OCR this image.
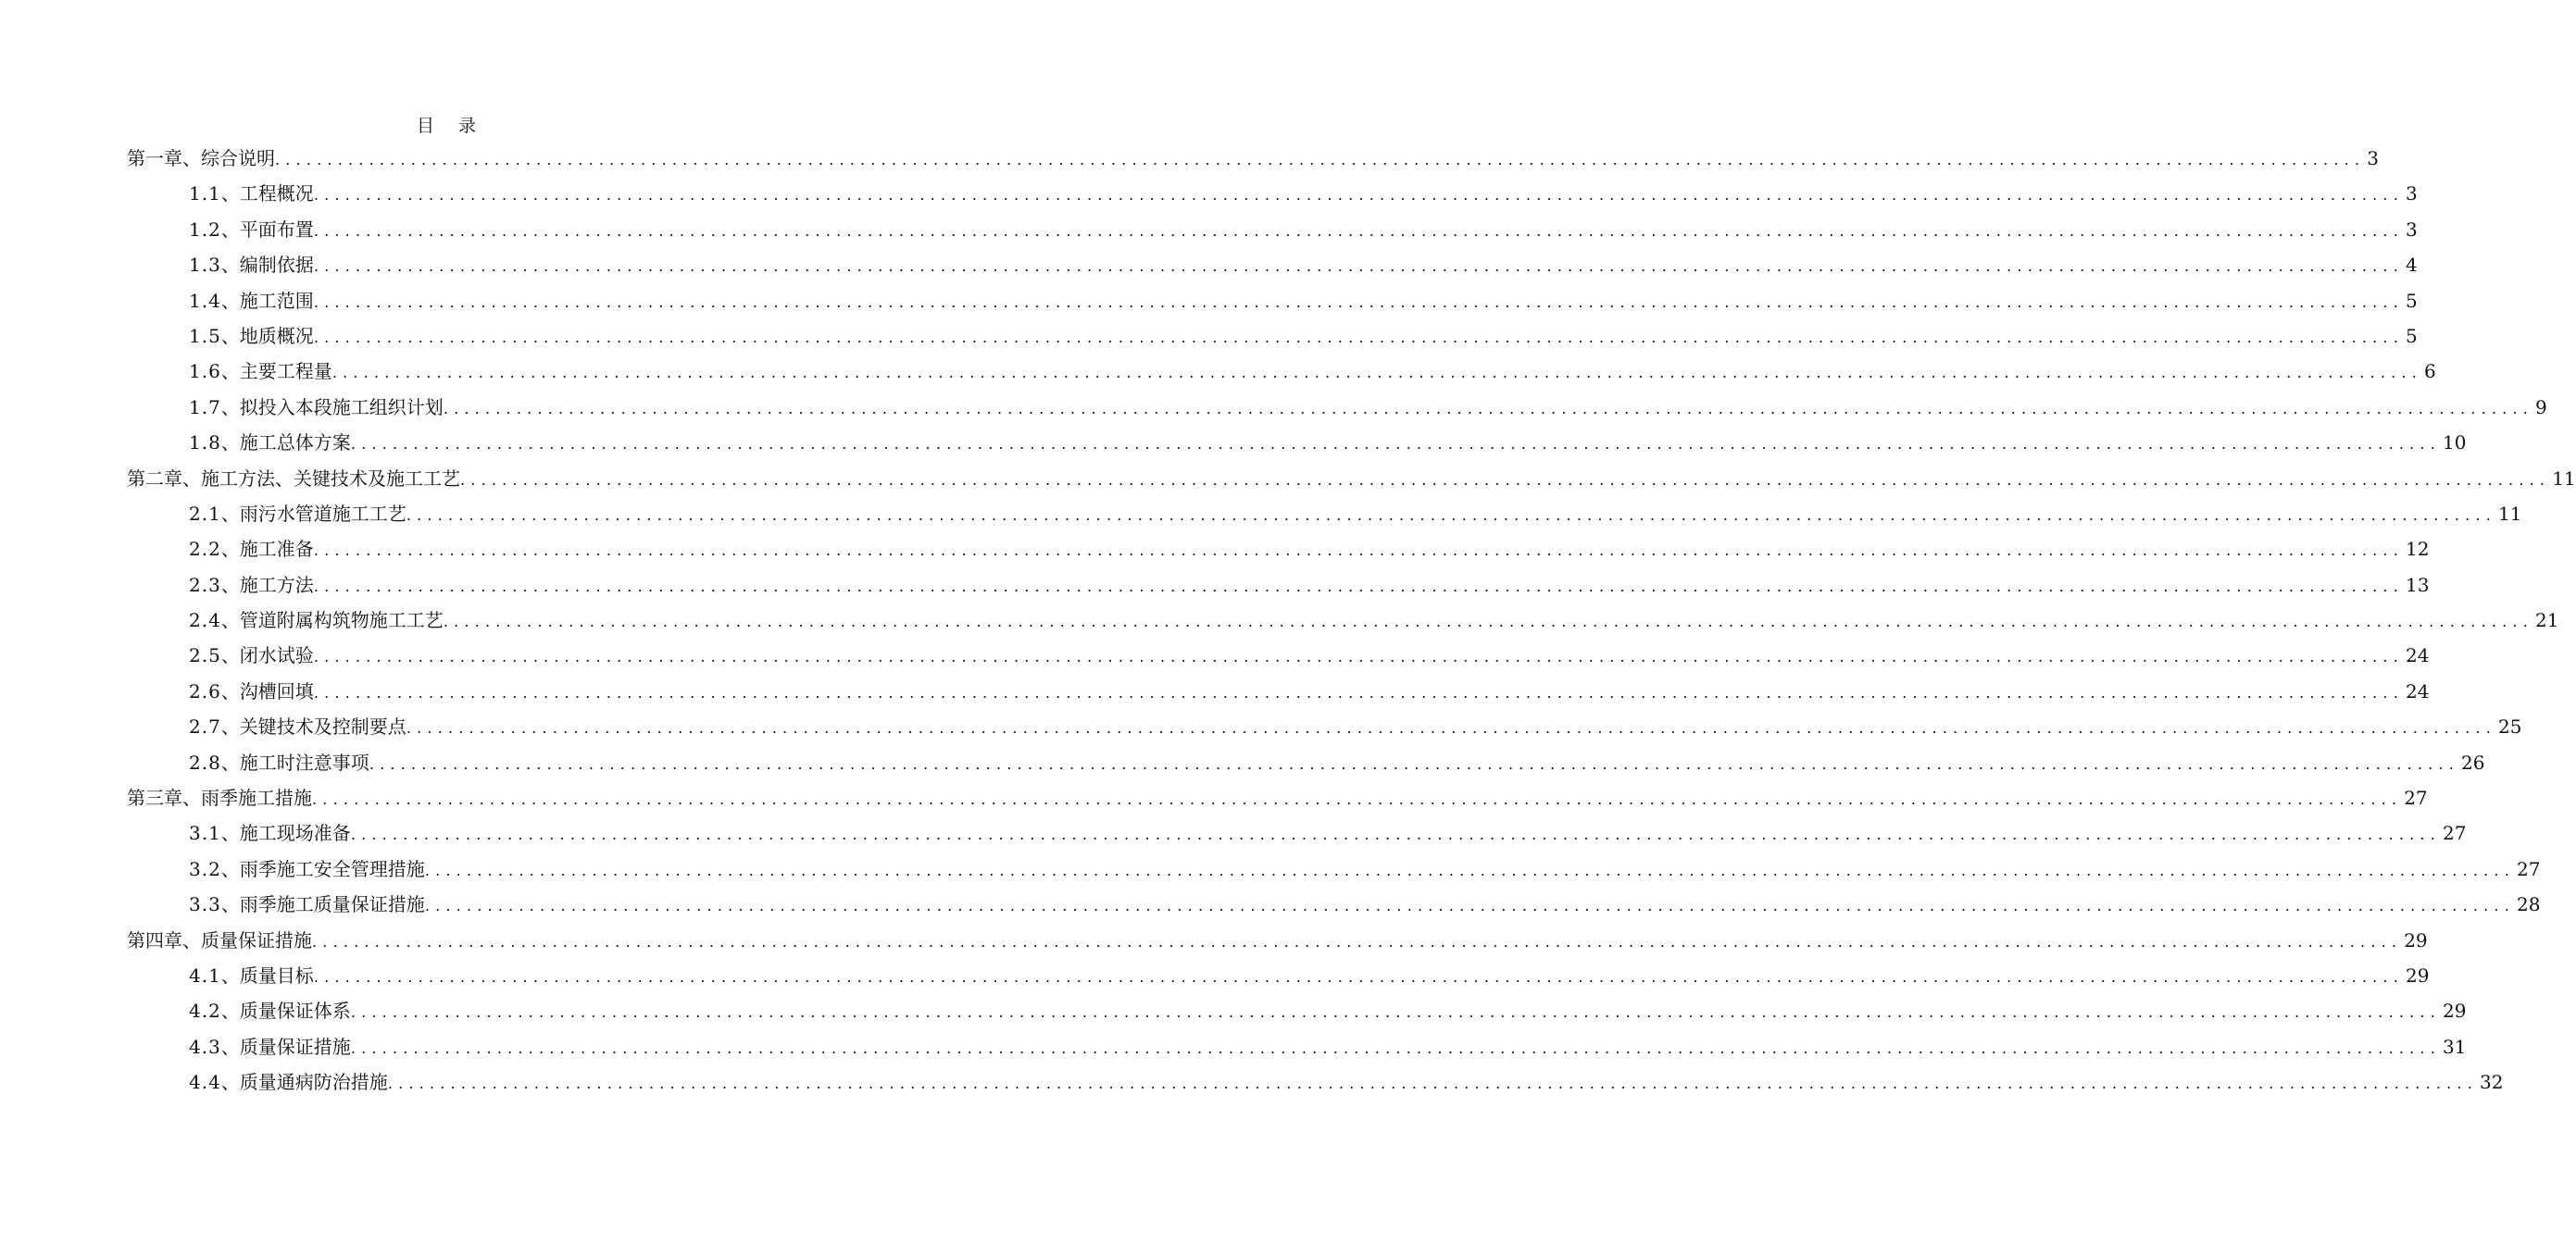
目 录
第一章、综合说明 ........................................................................................................................................................................................................ 3
1.1 、工程概况 ........................................................................................................................................................................................................ 3
1.2 、平面布置 ........................................................................................................................................................................................................ 3
1.3 、编制依据 ........................................................................................................................................................................................................ 4
1.4 、施工范围 ........................................................................................................................................................................................................ 5
1.5 、地质概况 ........................................................................................................................................................................................................ 5
1.6 、主要工程量 ........................................................................................................................................................................................................ 6
1.7 、拟投入本段施工组织计划 ........................................................................................................................................................................................................ 9
1.8 、施工总体方案 ........................................................................................................................................................................................................ 10
第二章、施工方法、关键技术及施工工艺 ........................................................................................................................................................................................................ 11
2.1 、雨污水管道施工工艺 ........................................................................................................................................................................................................ 11
2.2 、施工准备 ........................................................................................................................................................................................................ 12
2.3 、施工方法 ........................................................................................................................................................................................................ 13
2.4 、管道附属构筑物施工工艺 ........................................................................................................................................................................................................ 21
2.5 、闭水试验 ........................................................................................................................................................................................................ 24
2.6 、沟槽回填 ........................................................................................................................................................................................................ 24
2.7 、关键技术及控制要点 ........................................................................................................................................................................................................ 25
2.8 、施工时注意事项 ........................................................................................................................................................................................................ 26
第三章、雨季施工措施 ........................................................................................................................................................................................................ 27
3.1 、施工现场准备 ........................................................................................................................................................................................................ 27
3.2 、雨季施工安全管理措施 ........................................................................................................................................................................................................ 27
3.3 、雨季施工质量保证措施 ........................................................................................................................................................................................................ 28
第四章、质量保证措施 ........................................................................................................................................................................................................ 29
4.1 、质量目标 ........................................................................................................................................................................................................ 29
4.2 、质量保证体系 ........................................................................................................................................................................................................ 29
4.3 、质量保证措施 ........................................................................................................................................................................................................ 31
4.4 、质量通病防治措施 ........................................................................................................................................................................................................ 32
